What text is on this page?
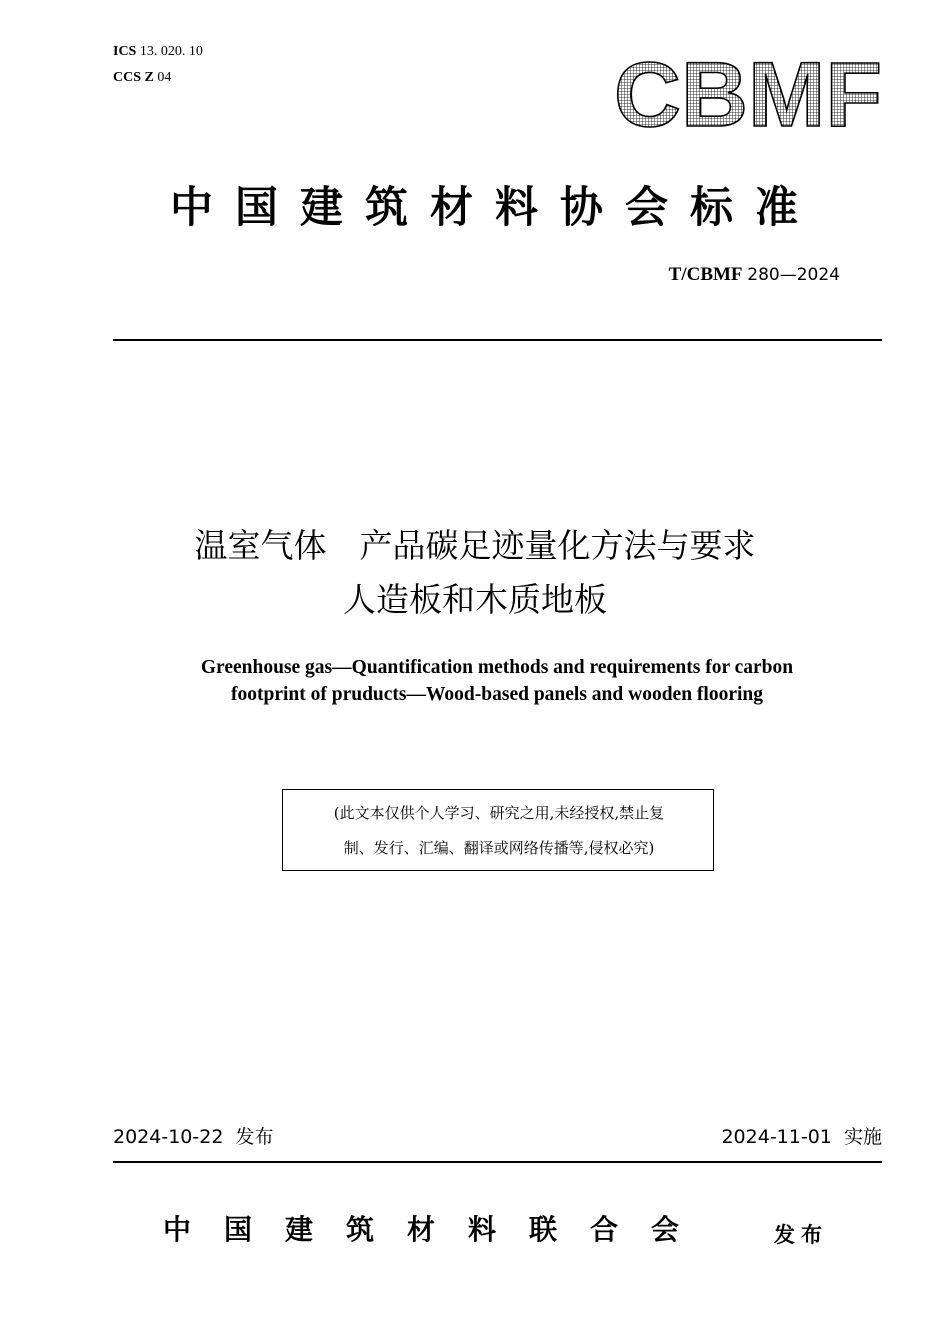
ICS 13. 020. 10
CCS Z 04	CBMF
中国建筑材料协会标准
T/CBMF 280—2024
温室气体　产品碳足迹量化方法与要求
人造板和木质地板
Greenhouse gas—Quantification methods and requirements for carbon
footprint of pruducts—Wood-based panels and wooden flooring
(此文本仅供个人学习、研究之用,未经授权,禁止复
制、发行、汇编、翻译或网络传播等,侵权必究)
2024-10-22 发布	2024-11-01 实施
中国建筑材料联合会	发布
